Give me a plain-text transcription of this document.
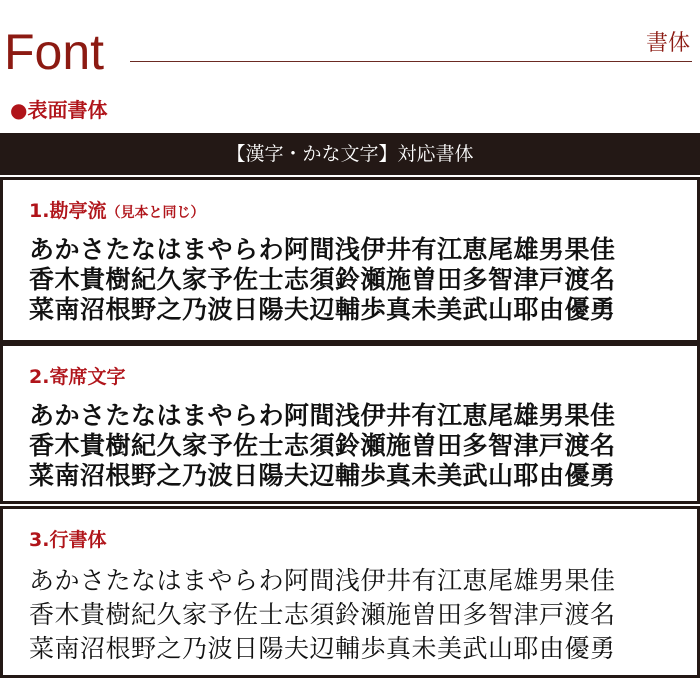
Font	書体
●表面書体
【漢字・かな文字】対応書体
1.勘亭流（見本と同じ）
あかさたなはまやらわ阿間浅伊井有江恵尾雄男果佳
香木貴樹紀久家予佐士志須鈴瀬施曽田多智津戸渡名
菜南沼根野之乃波日陽夫辺輔歩真未美武山耶由優勇
2.寄席文字
あかさたなはまやらわ阿間浅伊井有江恵尾雄男果佳
香木貴樹紀久家予佐士志須鈴瀬施曽田多智津戸渡名
菜南沼根野之乃波日陽夫辺輔歩真未美武山耶由優勇
3.行書体
あかさたなはまやらわ阿間浅伊井有江恵尾雄男果佳
香木貴樹紀久家予佐士志須鈴瀬施曽田多智津戸渡名
菜南沼根野之乃波日陽夫辺輔歩真未美武山耶由優勇
